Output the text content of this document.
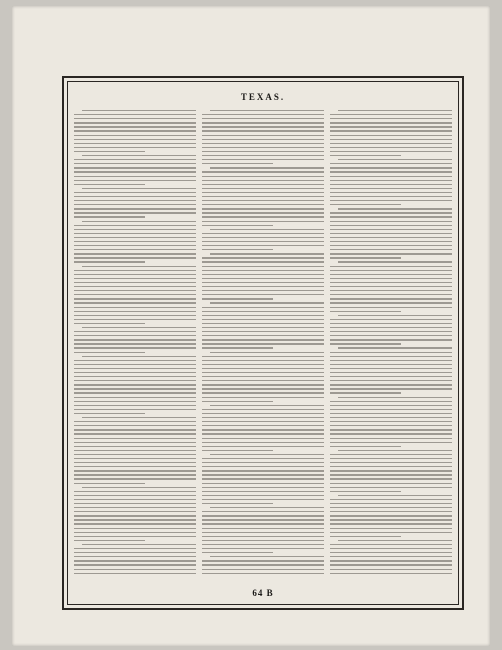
TEXAS.
64 B
